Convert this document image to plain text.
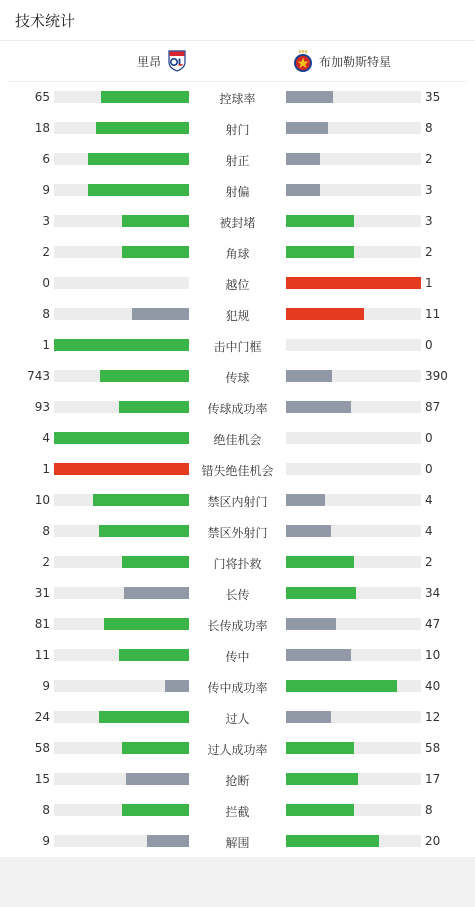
技术统计
里昂	布加勒斯特星
65	控球率	35
18	射门	8
6	射正	2
9	射偏	3
3	被封堵	3
2	角球	2
0	越位	1
8	犯规	11
1	击中门框	0
743	传球	390
93	传球成功率	87
4	绝佳机会	0
1	错失绝佳机会	0
10	禁区内射门	4
8	禁区外射门	4
2	门将扑救	2
31	长传	34
81	长传成功率	47
11	传中	10
9	传中成功率	40
24	过人	12
58	过人成功率	58
15	抢断	17
8	拦截	8
9	解围	20
